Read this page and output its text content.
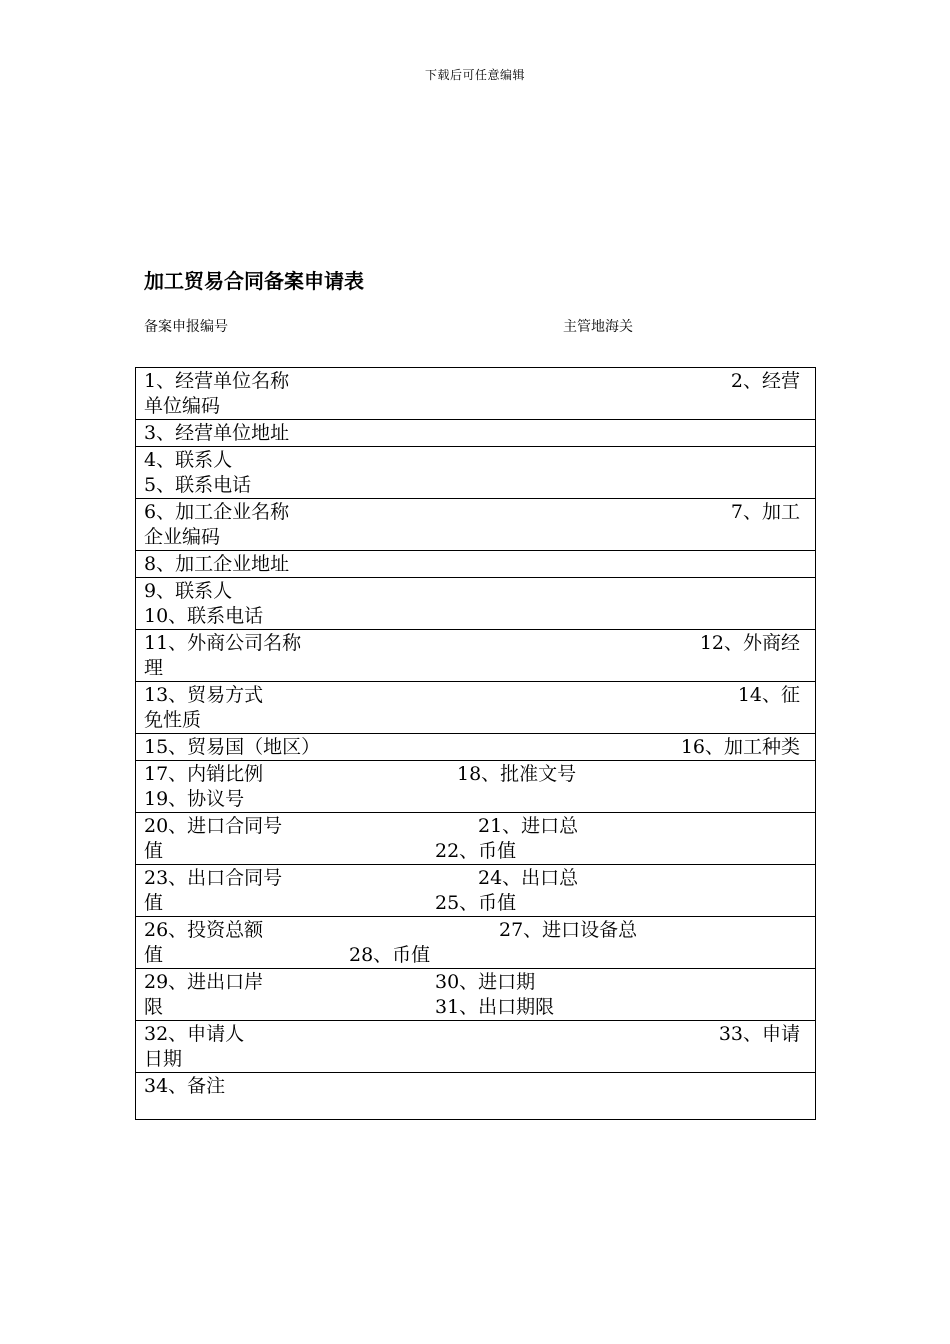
下载后可任意编辑
加工贸易合同备案申请表
备案申报编号	主管地海关
1、经营单位名称	2、经营
单位编码
3、经营单位地址
4、联系人
5、联系电话
6、加工企业名称	7、加工
企业编码
8、加工企业地址
9、联系人
10、联系电话
11、外商公司名称	12、外商经
理
13、贸易方式	14、征
免性质
15、贸易国（地区）	16、加工种类
17、内销比例	18、批准文号
19、协议号
20、进口合同号	21、进口总
值	22、币值
23、出口合同号	24、出口总
值	25、币值
26、投资总额	27、进口设备总
值	28、币值
29、进出口岸	30、进口期
限	31、出口期限
32、申请人	33、申请
日期
34、备注
